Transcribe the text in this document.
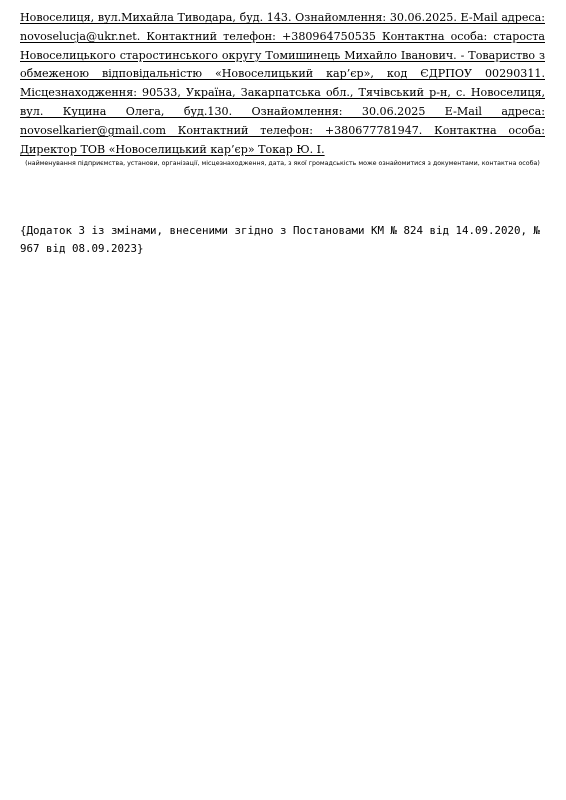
Новоселиця, вул.Михайла Тиводара, буд. 143. Ознайомлення: 30.06.2025. E-Mail адреса: novoselucja@ukr.net. Контактний телефон: +380964750535 Контактна особа: староста Новоселицького старостинського округу Томишинець Михайло Іванович. - Товариство з обмеженою відповідальністю «Новоселицький кар’єр», код ЄДРПОУ 00290311. Місцезнаходження: 90533, Україна, Закарпатська обл., Тячівський р-н, с. Новоселиця, вул. Куцина Олега, буд.130. Ознайомлення: 30.06.2025 E-Mail адреса: novoselkarier@gmail.com Контактний телефон: +380677781947. Контактна особа: Директор ТОВ «Новоселицький кар’єр» Токар Ю. І.

(найменування підприємства, установи, організації, місцезнаходження, дата, з якої громадськість може ознайомитися з документами, контактна особа)

{Додаток 3 із змінами, внесеними згідно з Постановами КМ № 824 від 14.09.2020, № 967 від 08.09.2023}
